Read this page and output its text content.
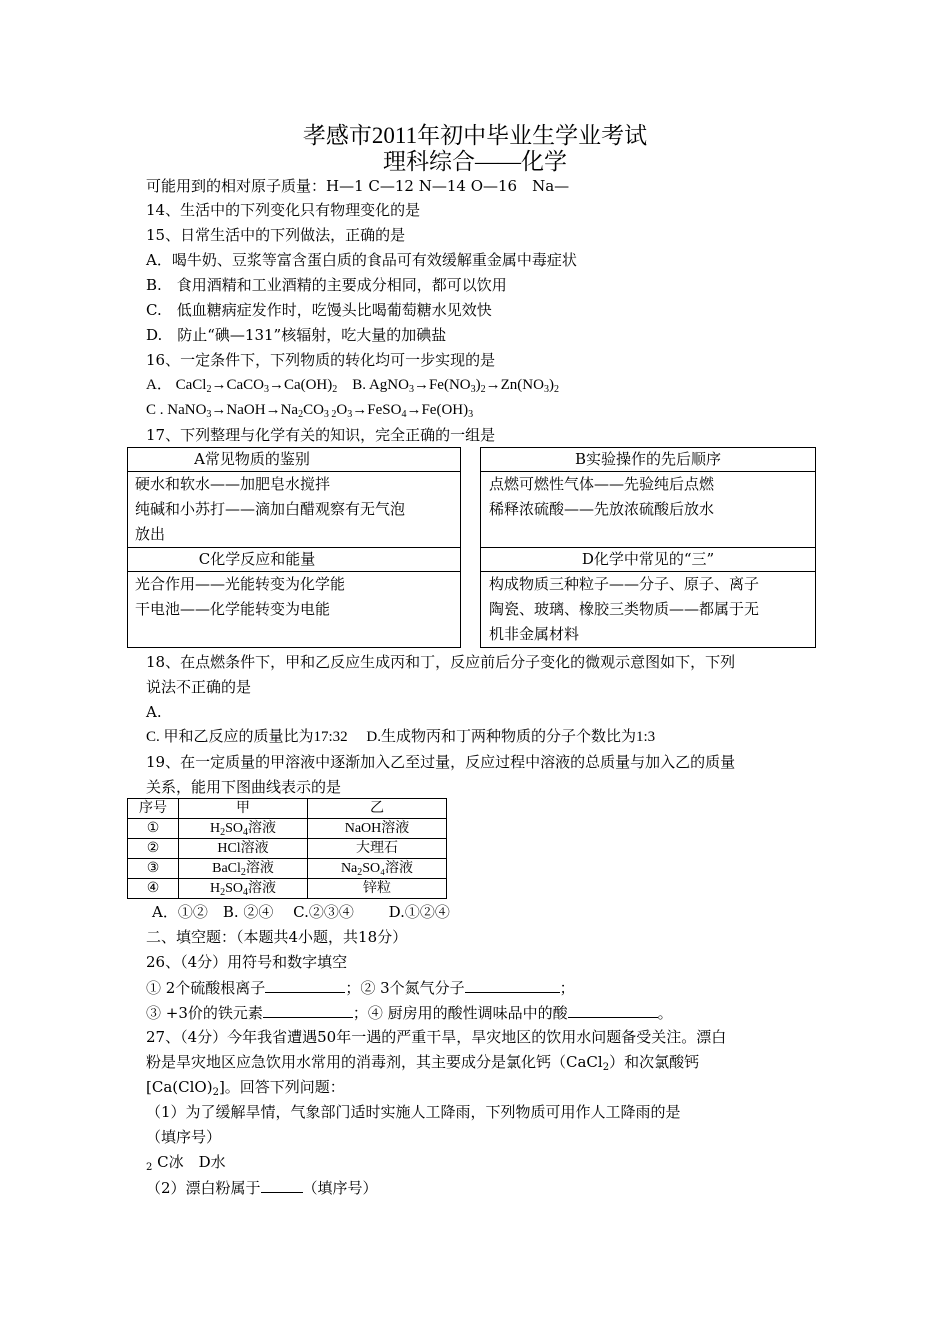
孝感市2011年初中毕业生学业考试
理科综合——化学
可能用到的相对原子质量：H—1 C—12 N—14 O—16　Na—
14、生活中的下列变化只有物理变化的是
15、日常生活中的下列做法，正确的是
A．喝牛奶、豆浆等富含蛋白质的食品可有效缓解重金属中毒症状
B.　食用酒精和工业酒精的主要成分相同，都可以饮用
C.　低血糖病症发作时，吃馒头比喝葡萄糖水见效快
D.　防止“碘—131”核辐射，吃大量的加碘盐
16、一定条件下，下列物质的转化均可一步实现的是
A． $CaCl_2\to CaCO_3\to Ca(OH)_2$ B. $AgNO_3\to Fe(NO_3)_2\to Zn(NO_3)_2$
C . $NaNO_3\to NaOH\to Na_2CO_{3 2}O_3\to FeSO_4\to Fe(OH)_3$
17、下列整理与化学有关的知识，完全正确的一组是
A常见物质的鉴别
硬水和软水——加肥皂水搅拌
纯碱和小苏打——滴加白醋观察有无气泡
放出
B实验操作的先后顺序
点燃可燃性气体——先验纯后点燃
稀释浓硫酸——先放浓硫酸后放水
C化学反应和能量
光合作用——光能转变为化学能
干电池——化学能转变为电能
D化学中常见的“三”
构成物质三种粒子——分子、原子、离子
陶瓷、玻璃、橡胶三类物质——都属于无
机非金属材料
18、在点燃条件下，甲和乙反应生成丙和丁，反应前后分子变化的微观示意图如下，下列
说法不正确的是
A.
C. 甲和乙反应的质量比为17:32　 D.生成物丙和丁两种物质的分子个数比为1:3
19、在一定质量的甲溶液中逐渐加入乙至过量，反应过程中溶液的总质量与加入乙的质量
关系，能用下图曲线表示的是
序号	甲	乙
①	$H_2SO_4$溶液	NaOH溶液
②	HCl溶液	大理石
③	BaCl$_2$溶液	$Na_2SO_4$溶液
④	$H_2SO_4$溶液	锌粒
A．①②　B. ②④　 C.②③④　　 D.①②④
二、填空题：（本题共4小题，共18分）
26、（4分）用符号和数字填空
① 2个硫酸根离子	；② 3个氮气分子	；
③ +3价的铁元素	；④ 厨房用的酸性调味品中的酸	。
27、（4分）今年我省遭遇50年一遇的严重干旱，旱灾地区的饮用水问题备受关注。漂白
粉是旱灾地区应急饮用水常用的消毒剂，其主要成分是氯化钙（CaCl$_2$）和次氯酸钙
$[Ca(ClO)_2]$。回答下列问题：
（1）为了缓解旱情，气象部门适时实施人工降雨，下列物质可用作人工降雨的是
（填序号）
$_2$ C冰　D水
（2）漂白粉属于	（填序号）
